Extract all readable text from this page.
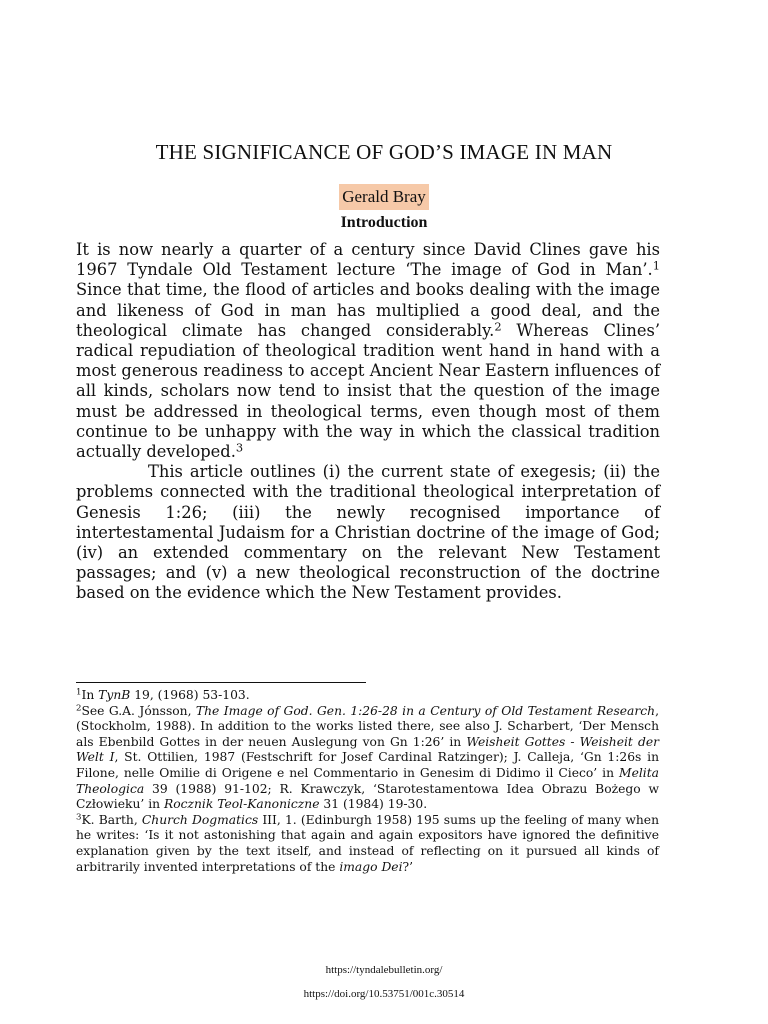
THE SIGNIFICANCE OF GOD’S IMAGE IN MAN
Gerald Bray
Introduction

It is now nearly a quarter of a century since David Clines gave his 1967 Tyndale Old Testament lecture ‘The image of God in Man’.$^1$ Since that time, the flood of articles and books dealing with the image and likeness of God in man has multiplied a good deal, and the theological climate has changed considerably.$^2$ Whereas Clines’ radical repudiation of theological tradition went hand in hand with a most generous readiness to accept Ancient Near Eastern influences of all kinds, scholars now tend to insist that the question of the image must be addressed in theological terms, even though most of them continue to be unhappy with the way in which the classical tradition actually developed.$^3$

This article outlines (i) the current state of exegesis; (ii) the problems connected with the traditional theological interpretation of Genesis 1:26; (iii) the newly recognised importance of intertestamental Judaism for a Christian doctrine of the image of God; (iv) an extended commentary on the relevant New Testament passages; and (v) a new theological reconstruction of the doctrine based on the evidence which the New Testament provides.

$^1$In TynB 19, (1968) 53-103.

$^2$See G.A. Jónsson, The Image of God. Gen. 1:26-28 in a Century of Old Testament Research, (Stockholm, 1988). In addition to the works listed there, see also J. Scharbert, ‘Der Mensch als Ebenbild Gottes in der neuen Auslegung von Gn 1:26’ in Weisheit Gottes - Weisheit der Welt I, St. Ottilien, 1987 (Festschrift for Josef Cardinal Ratzinger); J. Calleja, ‘Gn 1:26s in Filone, nelle Omilie di Origene e nel Commentario in Genesim di Didimo il Cieco’ in Melita Theologica 39 (1988) 91-102; R. Krawczyk, ‘Starotestamentowa Idea Obrazu Bożego w Człowieku’ in Rocznik Teol-Kanoniczne 31 (1984) 19-30.

$^3$K. Barth, Church Dogmatics III, 1. (Edinburgh 1958) 195 sums up the feeling of many when he writes: ‘Is it not astonishing that again and again expositors have ignored the definitive explanation given by the text itself, and instead of reflecting on it pursued all kinds of arbitrarily invented interpretations of the imago Dei?’

https://tyndalebulletin.org/
https://doi.org/10.53751/001c.30514
